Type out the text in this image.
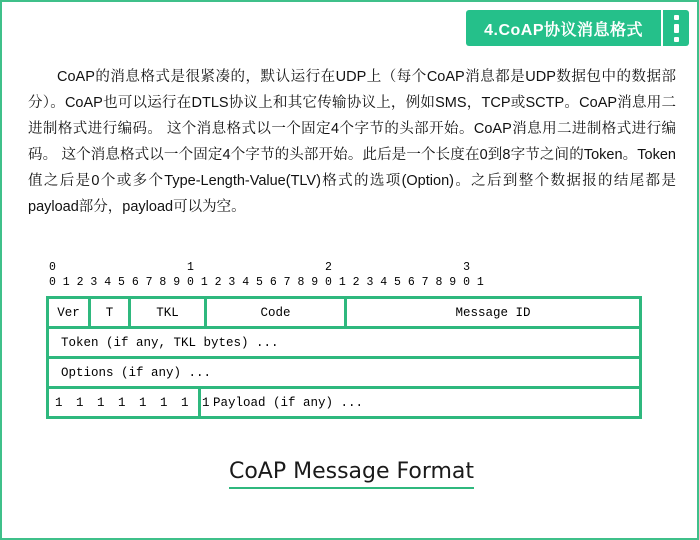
4.CoAP协议消息格式
CoAP的消息格式是很紧凑的，默认运行在UDP上（每个CoAP消息都是UDP数据包中的数据部分）。CoAP也可以运行在DTLS协议上和其它传输协议上，例如SMS，TCP或SCTP。CoAP消息用二进制格式进行编码。 这个消息格式以一个固定4个字节的头部开始。CoAP消息用二进制格式进行编码。 这个消息格式以一个固定4个字节的头部开始。此后是一个长度在0到8字节之间的Token。Token值之后是0个或多个Type-Length-Value(TLV)格式的选项(Option)。之后到整个数据报的结尾都是payload部分，payload可以为空。
0                   1                   2                   3
0 1 2 3 4 5 6 7 8 9 0 1 2 3 4 5 6 7 8 9 0 1 2 3 4 5 6 7 8 9 0 1
Ver	T	TKL	Code	Message ID
Token (if any, TKL bytes) ...
Options (if any) ...
1 1 1 1 1 1 1 1 Payload (if any) ...
CoAP Message Format
